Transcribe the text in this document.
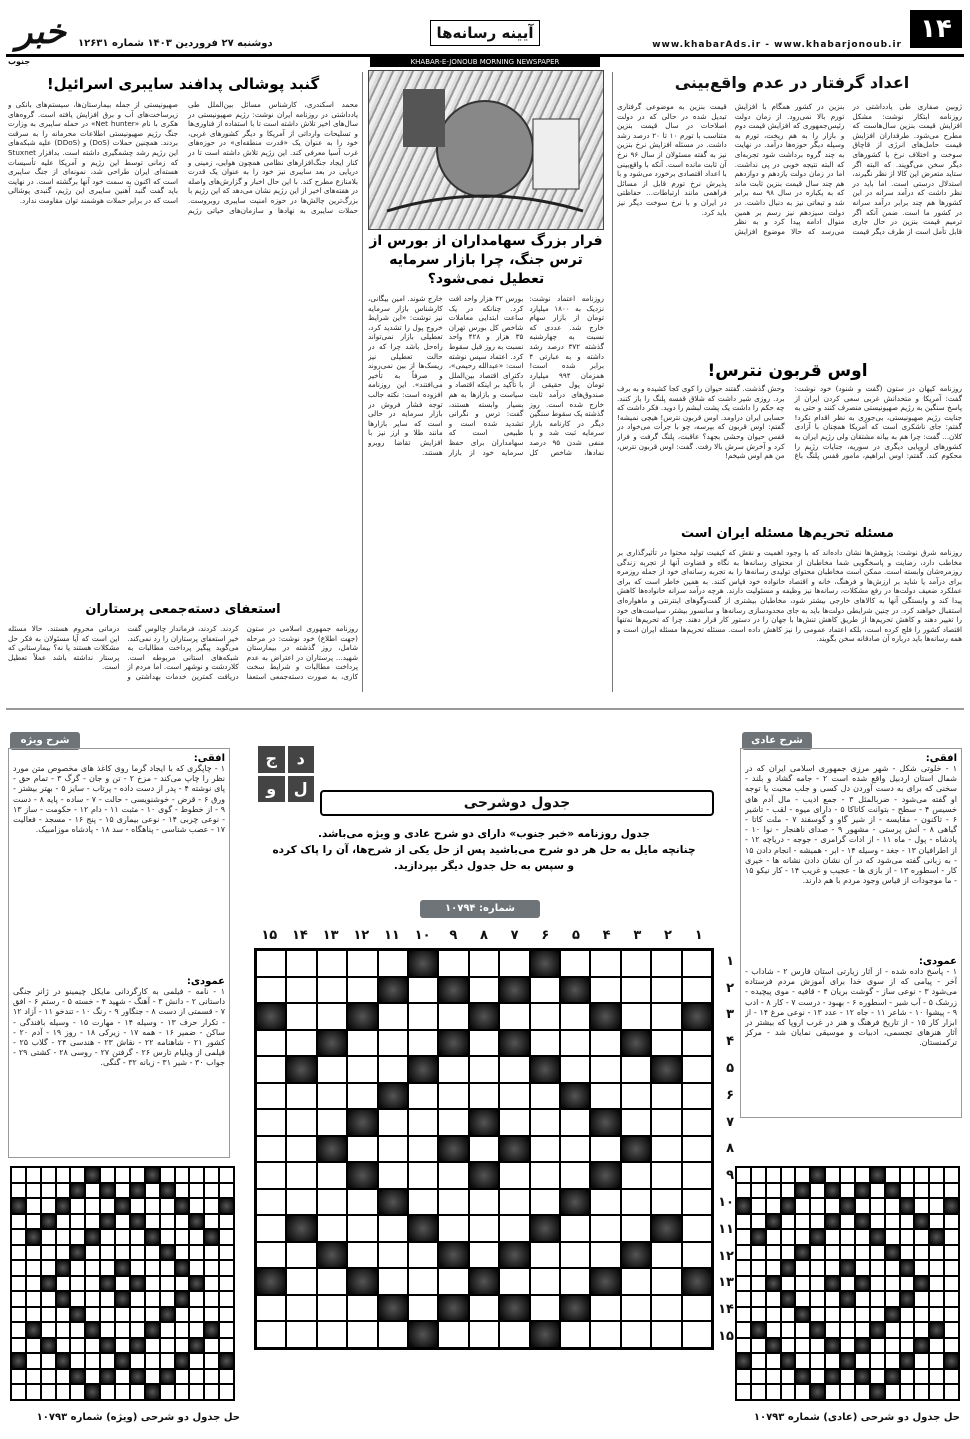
۱۴
آیینه رسانه‌ها
www.khabarAds.ir - www.khabarjonoub.ir
دوشنبه ۲۷ فروردین ۱۴۰۳ شماره ۱۲۶۳۱
خبر
جنوب	KHABAR-E-JONOUB MORNING NEWSPAPER
اعداد گرفتار در عدم واقع‌بینی
ژوبین صفاری طی یادداشتی در روزنامه ابتکار نوشت: مشکل افزایش قیمت بنزین سال‌هاست که مطرح می‌شود. طرفداران افزایش قیمت حامل‌های انرژی از قاچاق سوخت و اختلاف نرخ با کشورهای دیگر سخن می‌گویند. که البته اگر ستاید متعرض این کالا از نظر نگیرند، استدلال درستی است. اما باید در نظر داشت که درآمد سرانه در این کشورها هم چند برابر درآمد سرانه در کشور ما است. ضمن آنکه اگر ترمیم قیمت بنزین در حال جاری قابل تأمل است از طرف دیگر قیمت بنزین در کشور همگام با افزایش تورم بالا نمی‌رود. از زمان دولت رئیس‌جمهوری که افزایش قیمت دوم و بازار را به هم ریخت، تورم به وسیله دیگر حوزه‌ها درآمد. در نهایت به چند گروه برداشت شود تجربه‌ای که البته نتیجه خوبی در پی نداشت. اما در زمان دولت یازدهم و دوازدهم هم چند سال قیمت بنزین ثابت ماند که به یکباره در سال ۹۸ سه برابر شد و تبعاتی نیز به دنبال داشت. در دولت سیزدهم نیز رسم بر همین منوال ادامه پیدا کرد و به نظر می‌رسد که حالا موضوع افزایش قیمت بنزین به موضوعی گرفتاری تبدیل شده در حالی که در دولت اصلاحات در سال قیمت بنزین متناسب با تورم ۱۰ تا ۲۰ درصد رشد داشت. در مسئله افزایش نرخ بنزین نیز به گفته مسئولان از سال ۹۶ نرخ آن ثابت مانده است. آنکه با واقع‌بینی با اعداد اقتصادی برخورد می‌شود و با پذیرش نرخ تورم قابل از مسائل فراهمی مانند ارتباطات... حفاظتی در ایران و با نرخ سوخت دیگر نیز باید کرد.
اوس قربون نترس!
روزنامه کیهان در ستون (گفت و شنود) خود نوشت: گفت: آمریکا و متحدانش غربی سعی کردن ایران از پاسخ سنگین به رژیم صهیونیستی منصرف کنند و حتی به جنایت رژیم صهیونیستی، بی‌جوری به نظر اقدام نکرد! گفتم: جای ناشکری است که آمریکا همچنان با آزادی کلان... گفت: چرا هم به بیانه مشتقان ولی رژیم ایران به کشورهای اروپایی دیگری در سوریه، جنایات رژیم را محکوم کند. گفتم: اوس ابراهیم، مامور قفس پلنگ باغ وحش گذشت. گفتند حیوان را کوی کجا کشیده و به برف برد. روزی شیر داشت که شلاق قفسه پلنگ را باز کنند. چه حکم را داشت یک پشت لبشم را دوید. فکر داشت که حسابی ایران دراومد. اوس قربون نترس! هیچی نمیشه! گفتم: اوس قربون که بپرسه، چو با جرأت می‌خواد در قفس حیوان وحشی بجهد؟ عاقبت، پلنگ گرفت و فرار کرد و آخرش سرش بالا رفت. گفت: اوس قربون نترس، من هم اوس شیخم!
مسئله تحریم‌ها مسئله ایران است
روزنامه شرق نوشت: پژوهش‌ها نشان داده‌اند که با وجود اهمیت و نقش که کیفیت تولید محتوا در تأثیرگذاری بر مخاطب دارد، رضایت و پاسخگویی شما مخاطبان از محتوای رسانه‌ها به نگاه و قضاوت آنها از تجربه زندگی روزمره‌شان وابسته است. ممکن است مخاطبان محتوای تولیدی رسانه‌ها را به تجربه رسانه‌ای خود از جمله روزمره برای درآمد یا شاید بر ارزش‌ها و فرهنگ، خانه و اقتصاد خانواده خود قیاس کنند. به همین خاطر است که برای عملکرد ضعیف دولت‌ها در رفع مشکلات، رسانه‌ها نیز وظیفه و مسئولیت دارند. هرچه درآمد سرانه خانواده‌ها کاهش پیدا کند و وابستگی آنها به کالاهای خارجی بیشتر شود، مخاطبان بیشتری از گفت‌وگوهای اینترنتی و ماهواره‌ای استقبال خواهند کرد. در چنین شرایطی دولت‌ها باید به جای محدودسازی رسانه‌ها و سانسور بیشتر، سیاست‌های خود را تغییر دهند و کاهش تحریم‌ها از طریق کاهش تنش‌ها با جهان را در دستور کار قرار دهند. چرا که تحریم‌ها نه‌تنها اقتصاد کشور را فلج کرده است، بلکه اعتماد عمومی را نیز کاهش داده است. مسئله تحریم‌ها مسئله ایران است و همه رسانه‌ها باید درباره آن صادقانه سخن بگویند.
فرار بزرگ سهامداران از بورس از ترس جنگ، چرا بازار سرمایه تعطیل نمی‌شود؟
روزنامه اعتماد نوشت: نزدیک به ۱۸۰۰ میلیارد تومان از بازار سهام خارج شد. عددی که نسبت به چهارشنبه گذشته ۳۷۲ درصد رشد داشته و به عبارتی ۴ برابر شده است! همزمان ۹۹۴ میلیارد تومان پول حقیقی از صندوق‌های درآمد ثابت خارج شده است. روز گذشته یک سقوط سنگین دیگر در کارنامه بازار سرمایه ثبت شد و با منفی شدن ۹۵ درصد نمادها، شاخص کل بورس ۴۲ هزار واحد افت کرد. چنانکه در یک ساعت ابتدایی معاملات شاخص کل بورس تهران ۳۵ هزار و ۴۲۸ واحد نسبت به روز قبل سقوط کرد. اعتماد سپس نوشته است: «عبدالله رحیمی»، دکترای اقتصاد بین‌الملل با تأکید بر اینکه اقتصاد و سیاست و بازارها به هم بسیار وابسته هستند، گفت: ترس و نگرانی تشدید شده است و طبیعی است که سهامداران برای حفظ سرمایه خود از بازار خارج شوند. امین بیگانی، کارشناس بازار سرمایه نیز نوشت: «این شرایط خروج پول را تشدید کرد، تعطیلی بازار نمی‌تواند راه‌حل باشد چرا که در حالت تعطیلی نیز ریسک‌ها از بین نمی‌روند و صرفاً به تأخیر می‌افتند». این روزنامه افزوده است: نکته جالب توجه فشار فروش در بازار سرمایه در حالی است که سایر بازارها مانند طلا و ارز نیز با افزایش تقاضا روبرو هستند.
گنبد پوشالی پدافند سایبری اسرائیل!
محمد اسکندری، کارشناس مسائل بین‌الملل طی یادداشتی در روزنامه ایران نوشت: رژیم صهیونیستی در سال‌های اخیر تلاش داشته است تا با استفاده از فناوری‌ها و تسلیحات وارداتی از آمریکا و دیگر کشورهای غربی، خود را به عنوان یک «قدرت منطقه‌ای» در حوزه‌های غرب آسیا معرفی کند. این رژیم تلاش داشته است تا در کنار ایجاد جنگ‌افزارهای نظامی همچون هوایی، زمینی و دریایی در بعد سایبری نیز خود را به عنوان یک قدرت بلامنازع مطرح کند. با این حال اخبار و گزارش‌های واصله در هفته‌های اخیر از این رژیم نشان می‌دهد که این رژیم با بزرگ‌ترین چالش‌ها در حوزه امنیت سایبری روبروست. حملات سایبری به نهادها و سازمان‌های حیاتی رژیم صهیونیستی از جمله بیمارستان‌ها، سیستم‌های بانکی و زیرساخت‌های آب و برق افزایش یافته است. گروه‌های هکری با نام «Net hunter» در حمله سایبری به وزارت جنگ رژیم صهیونیستی اطلاعات محرمانه را به سرقت بردند. همچنین حملات (DoS) و (DDoS) علیه شبکه‌های این رژیم رشد چشمگیری داشته است. بدافزار Stuxnet که زمانی توسط این رژیم و آمریکا علیه تأسیسات هسته‌ای ایران طراحی شد، نمونه‌ای از جنگ سایبری است که اکنون به سمت خود آنها برگشته است. در نهایت باید گفت گنبد آهنین سایبری این رژیم، گنبدی پوشالی است که در برابر حملات هوشمند توان مقاومت ندارد.
استعفای دسته‌جمعی پرستاران
روزنامه جمهوری اسلامی در ستون (جهت اطلاع) خود نوشت: در مرحله شامل، روز گذشته در بیمارستان شهید... پرستاران در اعتراض به عدم پرداخت مطالبات و شرایط سخت کاری، به صورت دسته‌جمعی استعفا کردند. کردند، فرماندار چالوس گفت خیر استعفای پرستاران را رد نمی‌کند. می‌گوید پیگیر پرداخت مطالبات به شبکه‌های استانی مربوطه است. کلاردشت و نوشهر است. اما مردم از دریافت کمترین خدمات بهداشتی و درمانی محروم هستند. حالا مسئله این است که آیا مسئولان به فکر حل مشکلات هستند یا نه؟ بیمارستانی که پرستار نداشته باشد عملاً تعطیل است.
شرح عادی
افقی:
۱ - خلوتی شکل - شهر مرزی جمهوری اسلامی ایران که در شمال استان اردبیل واقع شده است ۲ - جامه گشاد و بلند - سخنی که برای به دست آوردن دل کسی و جلب محبت یا توجه او گفته می‌شود - ضربالمثل ۳ - جمع ادیب - مال آدم های خسیس ۴ - سطح - بتوانت کاتاکا ۵ - دارای میوه - لقب - تاشیر ۶ - تاکنون - مقایسه - از شیر گاو و گوسفند ۷ - ملت کاتا - گیاهی ۸ - آتش پرستی - مشهور ۹ - صدای ناهنجار - نوا ۱۰ - پادشاه - پول - ماه ۱۱ - از ادات گرامری - جوجه - دریاچه ۱۲ - از اطرافیان ۱۳ - جغد - وسیله ۱۴ - ابر - همیشه - انجام دادن ۱۵ - به زبانی گفته می‌شود که در آن نشان دادن نشانه ها - خیری کار - اسطوره ۱۳ - از بازی ها - عجیب و غریب ۱۴ - کار نیکو ۱۵ - ما موجودات از قیاس وجود مردم با هم دارند.
عمودی:
۱ - پاسخ داده شده - از آثار زیارتی استان فارس ۲ - شاداب - آخر - پیامی که از سوی خدا برای آموزش مردم فرستاده می‌شود ۳ - نوعی ساز - گوشت بریان ۴ - قافیه - موی پیچیده - زرشک ۵ - آب شیر - اسطوره ۶ - بهبود - درست ۷ - کار ۸ - ادب ۹ - پیشوا ۱۰ - شاعر ۱۱ - جاه ۱۲ - عدد ۱۳ - نوعی مرغ ۱۴ - از ابزار کار ۱۵ - از تاریخ فرهنگ و هنر در غرب اروپا که بیشتر در آثار هنرهای تجسمی، ادبیات و موسیقی نمایان شد - مرکز ترکمنستان.
شرح ویژه
افقی:
۱ - چاپگری که با ایجاد گرما روی کاغذ های مخصوص متن مورد نظر را چاپ می‌کند - مزخ ۲ - تن و جان - گرگ ۳ - تمام حق - پای نوشته ۴ - پدر از دست داده - پرتاب - سایز ۵ - بهتر بیشتر - ورق ۶ - قرض - خوشنویسی - حالت - ۷ - ساده - پایه ۸ - دست ۹ - از خطوط - گوی ۱۰ - مثبت ۱۱ - دام ۱۲ - حکومت - ساز ۱۳ - نوعی چربی ۱۴ - نوعی بیماری ۱۵ - پنج ۱۶ - مسجد - فعالیت ۱۷ - عصب شناسی - پناهگاه - سد ۱۸ - پادشاه موزامبیک.
عمودی:
۱ - نامه - فیلمی به کارگردانی مایکل چیمینو در ژانر جنگی داستانی ۲ - دانش ۳ - آهنگ - شهید ۴ - خسته ۵ - رستم ۶ - افق ۷ - قسمتی از دست ۸ - جنگاور ۹ - رنگ ۱۰ - تندخو ۱۱ - آزاد ۱۲ - تکرار حرف ۱۳ - وسیله ۱۴ - مهارت ۱۵ - وسیله بافندگی - ساکن - ضمیر ۱۶ - همه ۱۷ - زیرکی ۱۸ - روز ۱۹ - آدم ۲۰ - کشور ۲۱ - شاهنامه ۲۲ - نقاش ۲۳ - هندسی ۲۴ - گلاب ۲۵ - فیلمی از ویلیام تارس ۲۶ - گرفتن ۲۷ - روسی ۲۸ - کشتی ۲۹ - جواب ۳۰ - شیر ۳۱ - زبانه ۳۲ - گنگی.
د
ج
ل
و
جدول دوشرحی
جدول روزنامه «خبر جنوب» دارای دو شرح عادی و ویژه می‌باشد.
چنانچه مایل به حل هر دو شرح می‌باشید پس از حل یکی از شرح‌ها، آن را پاک کرده
و سپس به حل جدول دیگر بپردازید.
شماره: ۱۰۷۹۴
۱
۲
۳
۴
۵
۶
۷
۸
۹
۱۰
۱۱
۱۲
۱۳
۱۴
۱۵
۱
۲
۳
۴
۵
۶
۷
۸
۹
۱۰
۱۱
۱۲
۱۳
۱۴
۱۵
حل جدول دو شرحی (عادی) شماره ۱۰۷۹۳
حل جدول دو شرحی (ویژه) شماره ۱۰۷۹۳
